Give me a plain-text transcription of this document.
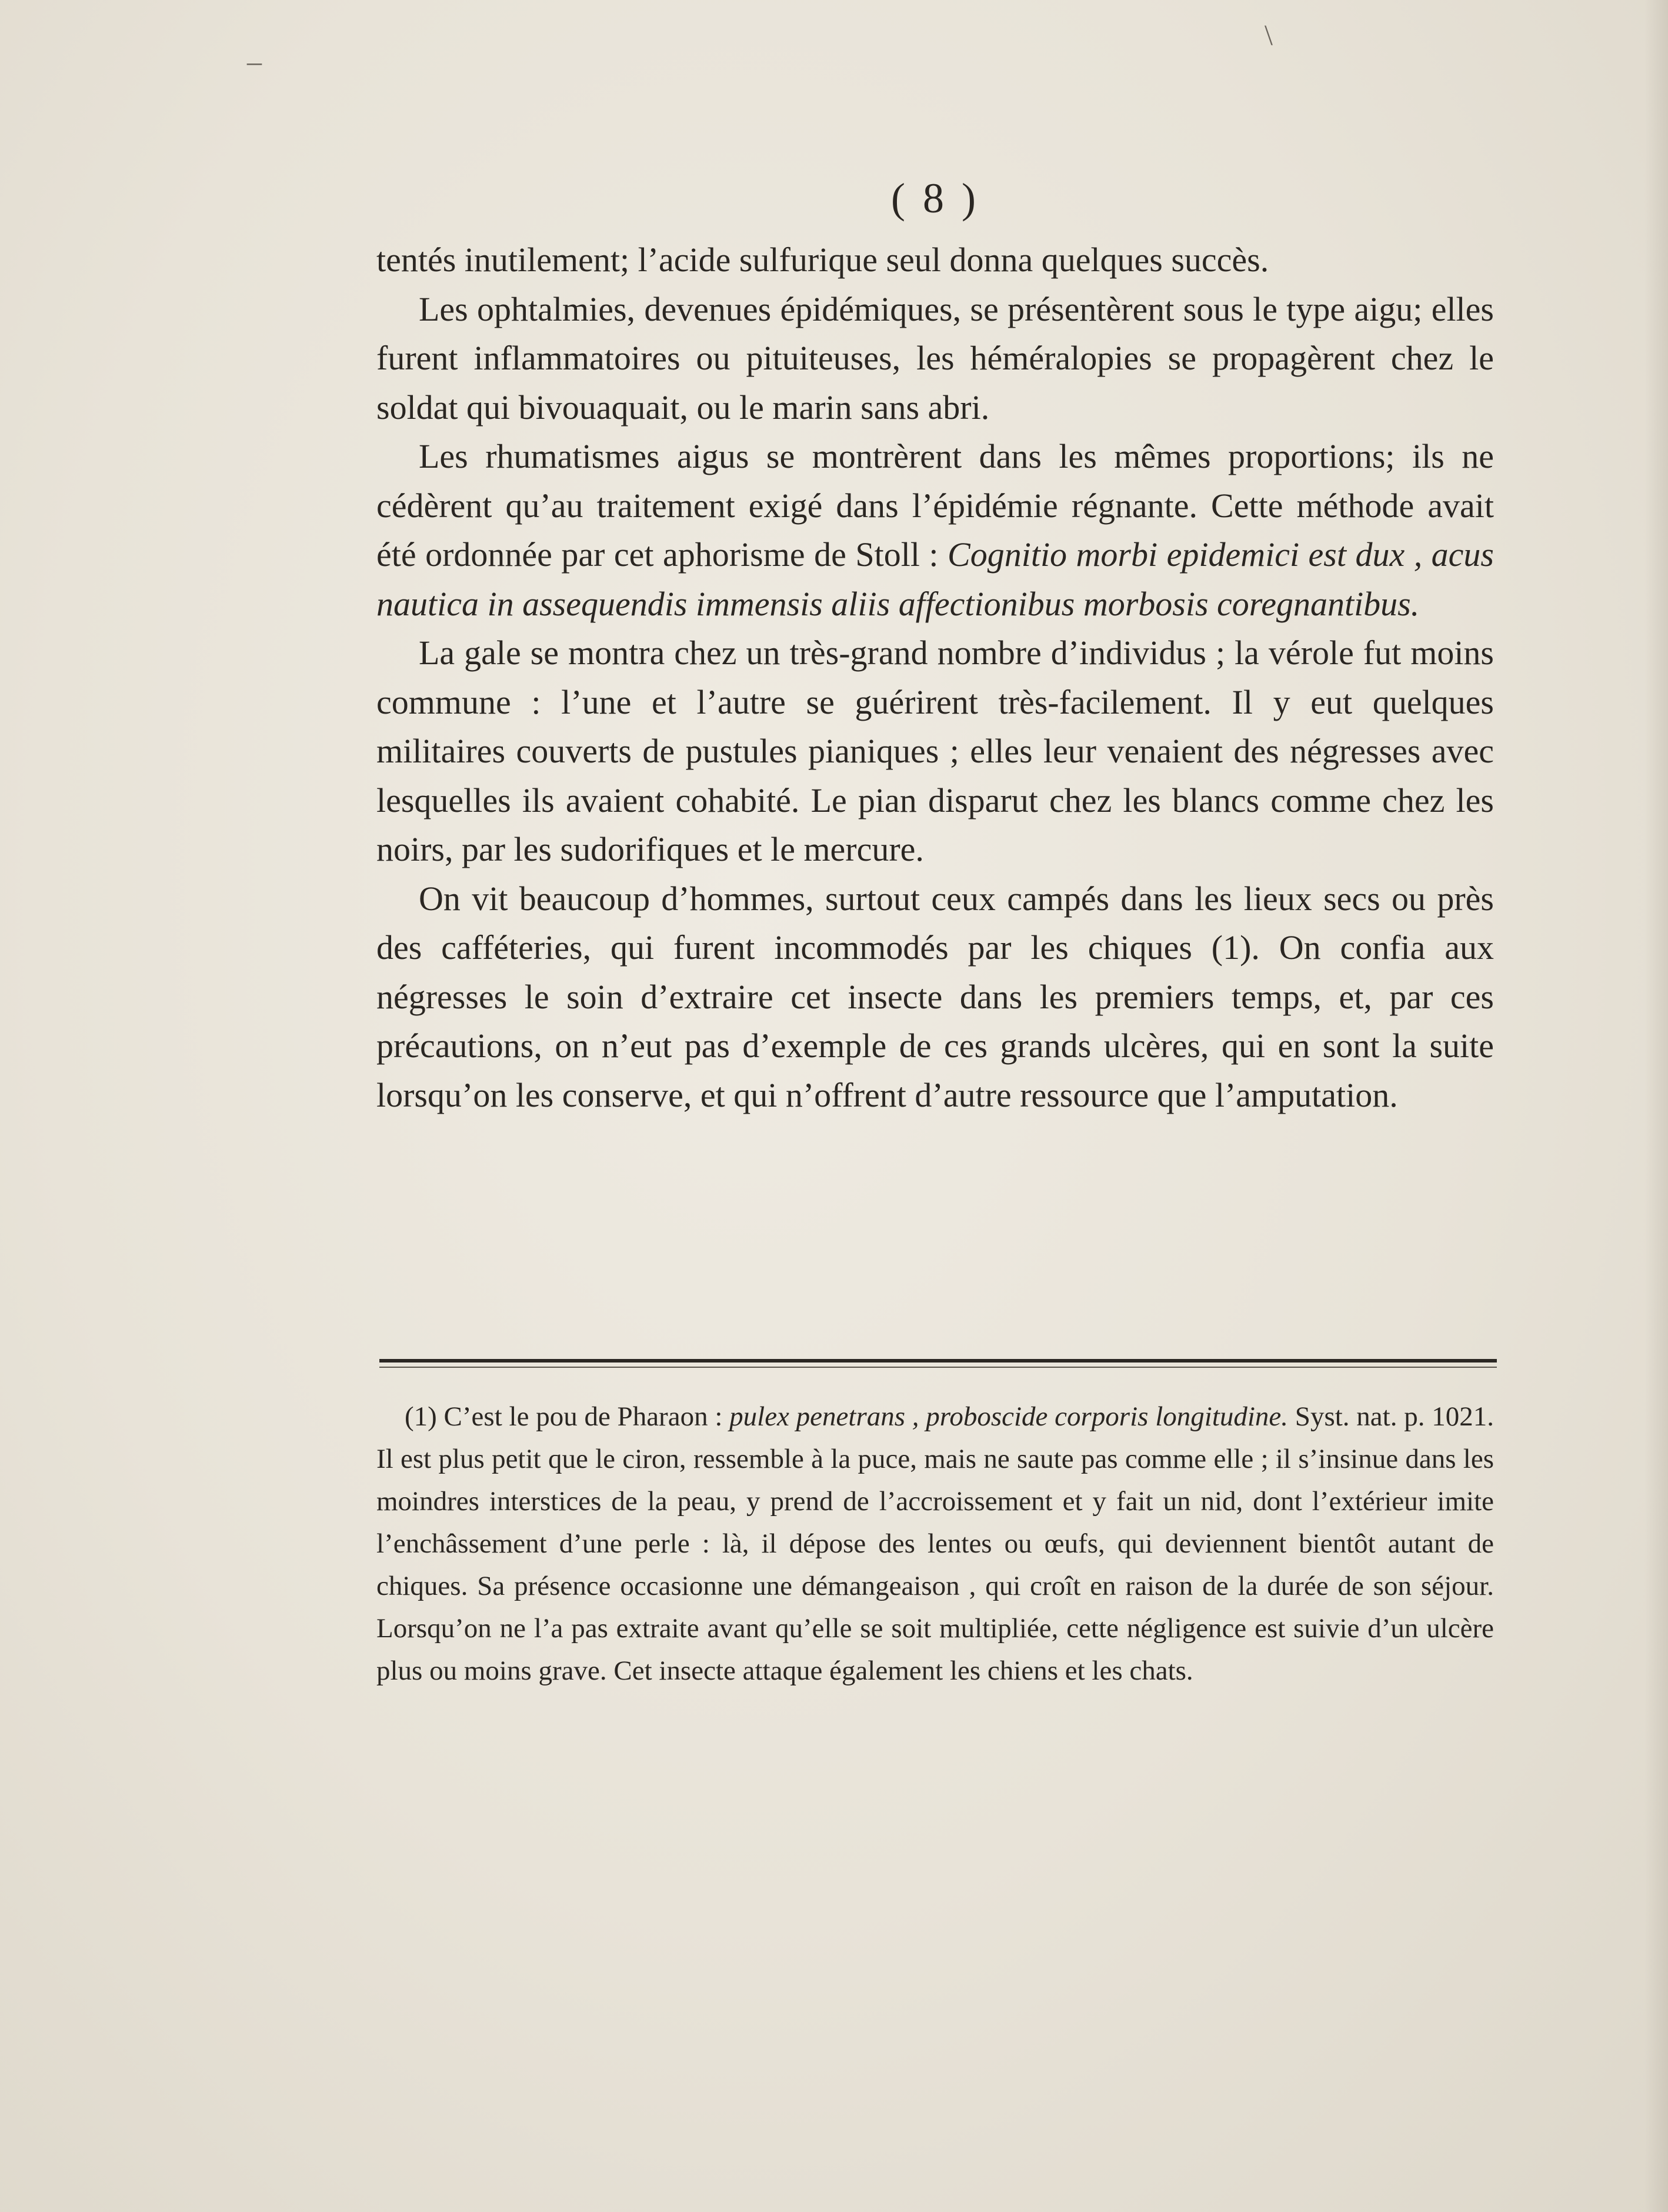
–
\
( 8 )

tentés inutilement; l’acide sulfurique seul donna quelques succès.

Les ophtalmies, devenues épidémiques, se présentèrent sous le type aigu; elles furent inflammatoires ou pituiteuses, les héméralopies se propagèrent chez le soldat qui bivouaquait, ou le marin sans abri.

Les rhumatismes aigus se montrèrent dans les mêmes proportions; ils ne cédèrent qu’au traitement exigé dans l’épidémie régnante. Cette méthode avait été ordonnée par cet aphorisme de Stoll : Cognitio morbi epidemici est dux , acus nautica in assequendis immensis aliis affectionibus morbosis coregnantibus.

La gale se montra chez un très-grand nombre d’individus ; la vérole fut moins commune : l’une et l’autre se guérirent très-facilement. Il y eut quelques militaires couverts de pustules pianiques ; elles leur venaient des négresses avec lesquelles ils avaient cohabité. Le pian disparut chez les blancs comme chez les noirs, par les sudorifiques et le mercure.

On vit beaucoup d’hommes, surtout ceux campés dans les lieux secs ou près des cafféteries, qui furent incommodés par les chiques (1). On confia aux négresses le soin d’extraire cet insecte dans les premiers temps, et, par ces précautions, on n’eut pas d’exemple de ces grands ulcères, qui en sont la suite lorsqu’on les conserve, et qui n’offrent d’autre ressource que l’amputation.

(1) C’est le pou de Pharaon : pulex penetrans , proboscide corporis longitudine. Syst. nat. p. 1021. Il est plus petit que le ciron, ressemble à la puce, mais ne saute pas comme elle ; il s’insinue dans les moindres interstices de la peau, y prend de l’accroissement et y fait un nid, dont l’extérieur imite l’enchâssement d’une perle : là, il dépose des lentes ou œufs, qui deviennent bientôt autant de chiques. Sa présence occasionne une démangeaison , qui croît en raison de la durée de son séjour. Lorsqu’on ne l’a pas extraite avant qu’elle se soit multipliée, cette négligence est suivie d’un ulcère plus ou moins grave. Cet insecte attaque également les chiens et les chats.
